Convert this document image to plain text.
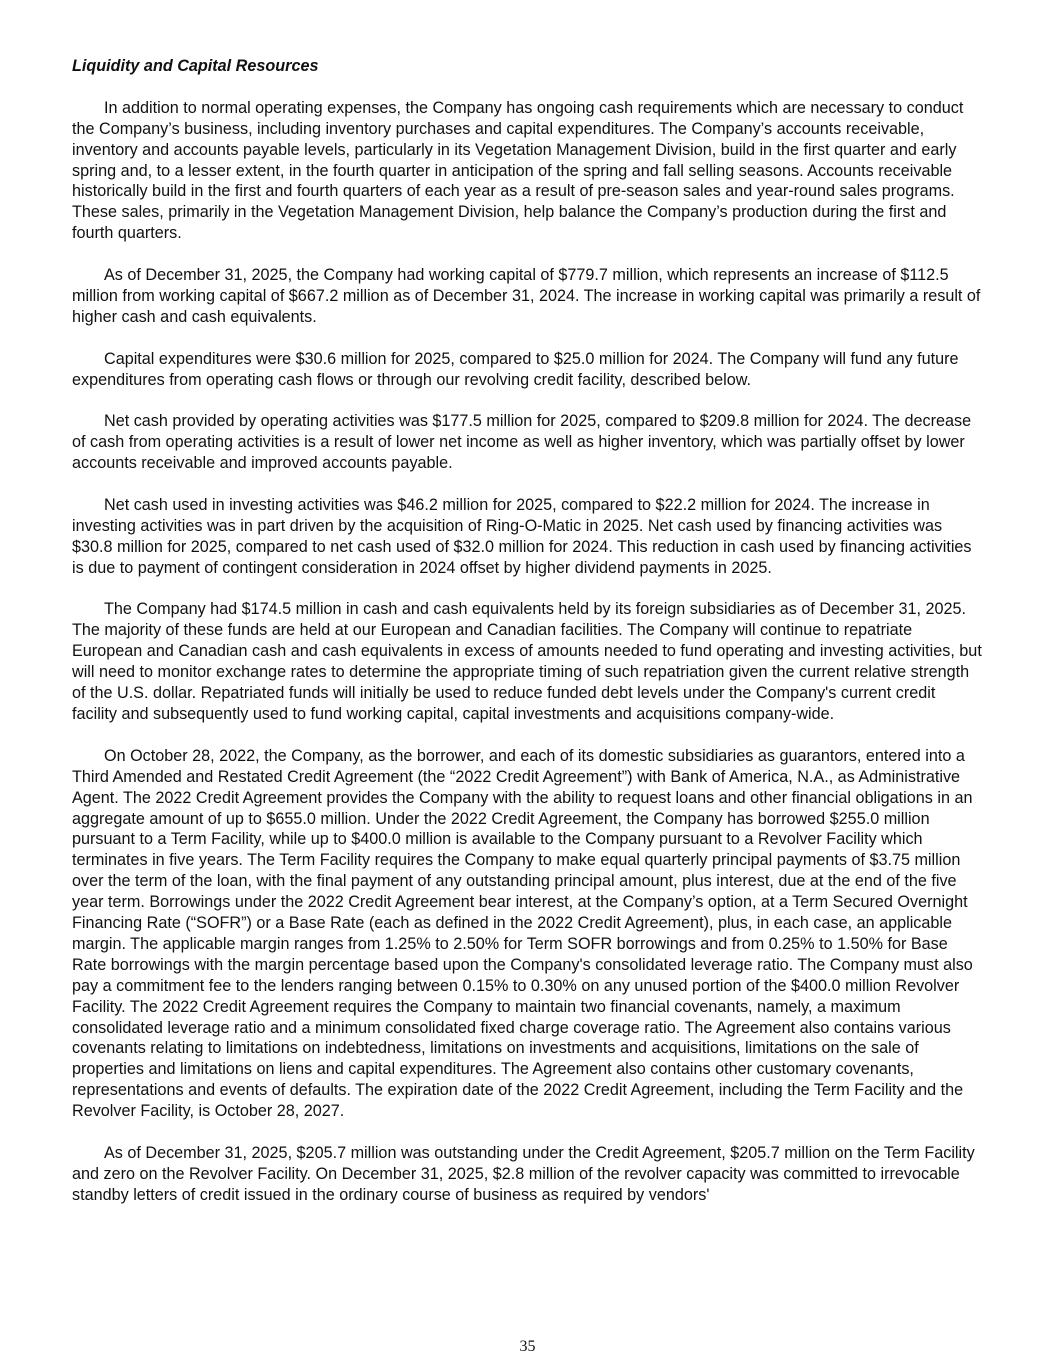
Liquidity and Capital Resources

In addition to normal operating expenses, the Company has ongoing cash requirements which are necessary to conduct the Company’s business, including inventory purchases and capital expenditures. The Company’s accounts receivable, inventory and accounts payable levels, particularly in its Vegetation Management Division, build in the first quarter and early spring and, to a lesser extent, in the fourth quarter in anticipation of the spring and fall selling seasons. Accounts receivable historically build in the first and fourth quarters of each year as a result of pre-season sales and year-round sales programs. These sales, primarily in the Vegetation Management Division, help balance the Company’s production during the first and fourth quarters.

As of December 31, 2025, the Company had working capital of $779.7 million, which represents an increase of $112.5 million from working capital of $667.2 million as of December 31, 2024. The increase in working capital was primarily a result of higher cash and cash equivalents.

Capital expenditures were $30.6 million for 2025, compared to $25.0 million for 2024. The Company will fund any future expenditures from operating cash flows or through our revolving credit facility, described below.

Net cash provided by operating activities was $177.5 million for 2025, compared to $209.8 million for 2024. The decrease of cash from operating activities is a result of lower net income as well as higher inventory, which was partially offset by lower accounts receivable and improved accounts payable.

Net cash used in investing activities was $46.2 million for 2025, compared to $22.2 million for 2024. The increase in investing activities was in part driven by the acquisition of Ring-O-Matic in 2025. Net cash used by financing activities was $30.8 million for 2025, compared to net cash used of $32.0 million for 2024. This reduction in cash used by financing activities is due to payment of contingent consideration in 2024 offset by higher dividend payments in 2025.

The Company had $174.5 million in cash and cash equivalents held by its foreign subsidiaries as of December 31, 2025. The majority of these funds are held at our European and Canadian facilities. The Company will continue to repatriate European and Canadian cash and cash equivalents in excess of amounts needed to fund operating and investing activities, but will need to monitor exchange rates to determine the appropriate timing of such repatriation given the current relative strength of the U.S. dollar. Repatriated funds will initially be used to reduce funded debt levels under the Company's current credit facility and subsequently used to fund working capital, capital investments and acquisitions company-wide.

On October 28, 2022, the Company, as the borrower, and each of its domestic subsidiaries as guarantors, entered into a Third Amended and Restated Credit Agreement (the “2022 Credit Agreement”) with Bank of America, N.A., as Administrative Agent. The 2022 Credit Agreement provides the Company with the ability to request loans and other financial obligations in an aggregate amount of up to $655.0 million. Under the 2022 Credit Agreement, the Company has borrowed $255.0 million pursuant to a Term Facility, while up to $400.0 million is available to the Company pursuant to a Revolver Facility which terminates in five years. The Term Facility requires the Company to make equal quarterly principal payments of $3.75 million over the term of the loan, with the final payment of any outstanding principal amount, plus interest, due at the end of the five year term. Borrowings under the 2022 Credit Agreement bear interest, at the Company’s option, at a Term Secured Overnight Financing Rate (“SOFR”) or a Base Rate (each as defined in the 2022 Credit Agreement), plus, in each case, an applicable margin. The applicable margin ranges from 1.25% to 2.50% for Term SOFR borrowings and from 0.25% to 1.50% for Base Rate borrowings with the margin percentage based upon the Company's consolidated leverage ratio. The Company must also pay a commitment fee to the lenders ranging between 0.15% to 0.30% on any unused portion of the $400.0 million Revolver Facility. The 2022 Credit Agreement requires the Company to maintain two financial covenants, namely, a maximum consolidated leverage ratio and a minimum consolidated fixed charge coverage ratio. The Agreement also contains various covenants relating to limitations on indebtedness, limitations on investments and acquisitions, limitations on the sale of properties and limitations on liens and capital expenditures. The Agreement also contains other customary covenants, representations and events of defaults. The expiration date of the 2022 Credit Agreement, including the Term Facility and the Revolver Facility, is October 28, 2027.

As of December 31, 2025, $205.7 million was outstanding under the Credit Agreement, $205.7 million on the Term Facility and zero on the Revolver Facility. On December 31, 2025, $2.8 million of the revolver capacity was committed to irrevocable standby letters of credit issued in the ordinary course of business as required by vendors'

35
